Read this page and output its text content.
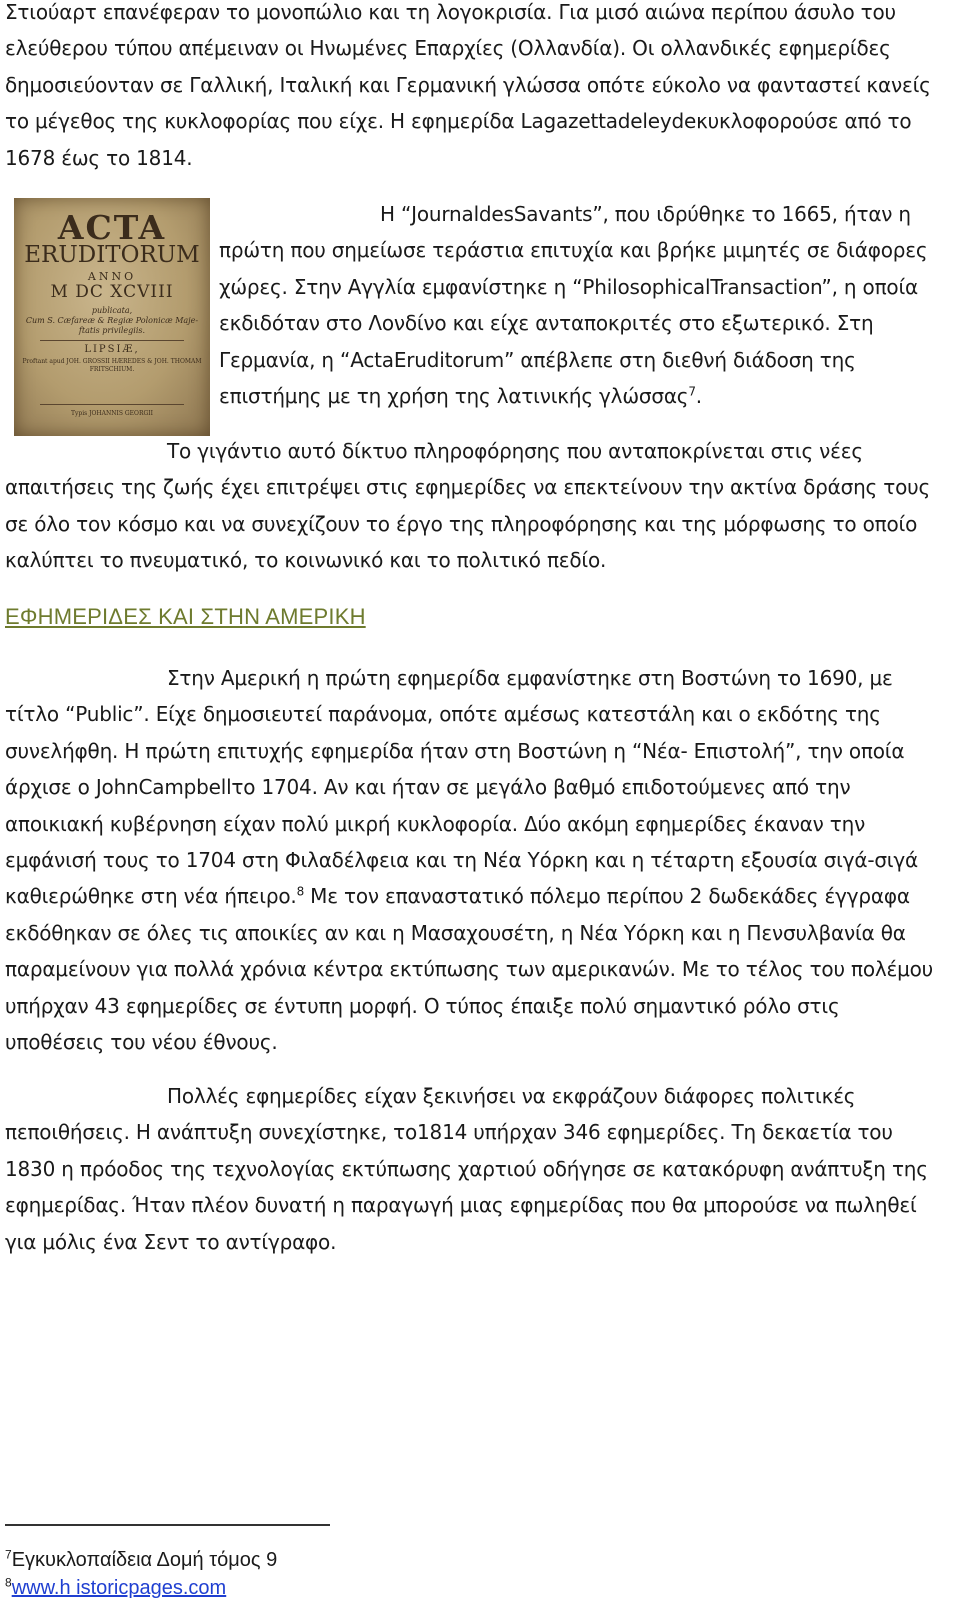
Στιούαρτ επανέφεραν το μονοπώλιο και τη λογοκρισία. Για μισό αιώνα περίπου άσυλο του ελεύθερου τύπου απέμειναν οι Ηνωμένες Επαρχίες (Ολλανδία). Οι ολλανδικές εφημερίδες δημοσιεύονταν σε Γαλλική, Ιταλική και Γερμανική γλώσσα οπότε εύκολο να φανταστεί κανείς το μέγεθος της κυκλοφορίας που είχε. Η εφημερίδα Lagazettadeleydeκυκλοφορούσε από το 1678 έως το 1814.

ACTA
ERUDITORUM
ANNO
M DC XCVIII
publicata,
Cum S. Cæfareæ & Regiæ Polonicæ Maje- ftatis privilegiis.
LIPSIÆ,
Proftant apud JOH. GROSSII HÆREDES & JOH. THOMAM FRITSCHIUM.
Typis JOHANNIS GEORGII

Η “JournaldesSavants”, που ιδρύθηκε το 1665, ήταν η
πρώτη που σημείωσε τεράστια επιτυχία και βρήκε μιμητές σε διάφορες χώρες. Στην Αγγλία εμφανίστηκε η “PhilosophicalTransaction”, η οποία εκδιδόταν στο Λονδίνο και είχε ανταποκριτές στο εξωτερικό. Στη Γερμανία, η “ActaEruditorum” απέβλεπε στη διεθνή διάδοση της επιστήμης με τη χρήση της λατινικής γλώσσας$^7$.

Το γιγάντιο αυτό δίκτυο πληροφόρησης που ανταποκρίνεται στις νέες απαιτήσεις της ζωής έχει επιτρέψει στις εφημερίδες να επεκτείνουν την ακτίνα δράσης τους σε όλο τον κόσμο και να συνεχίζουν το έργο της πληροφόρησης και της μόρφωσης το οποίο καλύπτει το πνευματικό, το κοινωνικό και το πολιτικό πεδίο.

ΕΦΗΜΕΡΙΔΕΣ ΚΑΙ ΣΤΗΝ ΑΜΕΡΙΚΗ

Στην Αμερική η πρώτη εφημερίδα εμφανίστηκε στη Βοστώνη το 1690, με τίτλο “Public”. Είχε δημοσιευτεί παράνομα, οπότε αμέσως κατεστάλη και ο εκδότης της συνελήφθη. Η πρώτη επιτυχής εφημερίδα ήταν στη Βοστώνη η “Νέα- Επιστολή”, την οποία άρχισε ο JohnCampbellτο 1704. Αν και ήταν σε μεγάλο βαθμό επιδοτούμενες από την αποικιακή κυβέρνηση είχαν πολύ μικρή κυκλοφορία. Δύο ακόμη εφημερίδες έκαναν την εμφάνισή τους το 1704 στη Φιλαδέλφεια και τη Νέα Υόρκη και η τέταρτη εξουσία σιγά-σιγά καθιερώθηκε στη νέα ήπειρο.$^8$ Με τον επαναστατικό πόλεμο περίπου 2 δωδεκάδες έγγραφα εκδόθηκαν σε όλες τις αποικίες αν και η Μασαχουσέτη, η Νέα Υόρκη και η Πενσυλβανία θα παραμείνουν για πολλά χρόνια κέντρα εκτύπωσης των αμερικανών. Με το τέλος του πολέμου υπήρχαν 43 εφημερίδες σε έντυπη μορφή. Ο τύπος έπαιξε πολύ σημαντικό ρόλο στις υποθέσεις του νέου έθνους.

Πολλές εφημερίδες είχαν ξεκινήσει να εκφράζουν διάφορες πολιτικές πεποιθήσεις. Η ανάπτυξη συνεχίστηκε, το1814 υπήρχαν 346 εφημερίδες. Τη δεκαετία του 1830 η πρόοδος της τεχνολογίας εκτύπωσης χαρτιού οδήγησε σε κατακόρυφη ανάπτυξη της εφημερίδας. Ήταν πλέον δυνατή η παραγωγή μιας εφημερίδας που θα μπορούσε να πωληθεί για μόλις ένα Σεντ το αντίγραφο.

$^7$Εγκυκλοπαίδεια Δομή τόμος 9

$^8$www.h istoricpages.com
